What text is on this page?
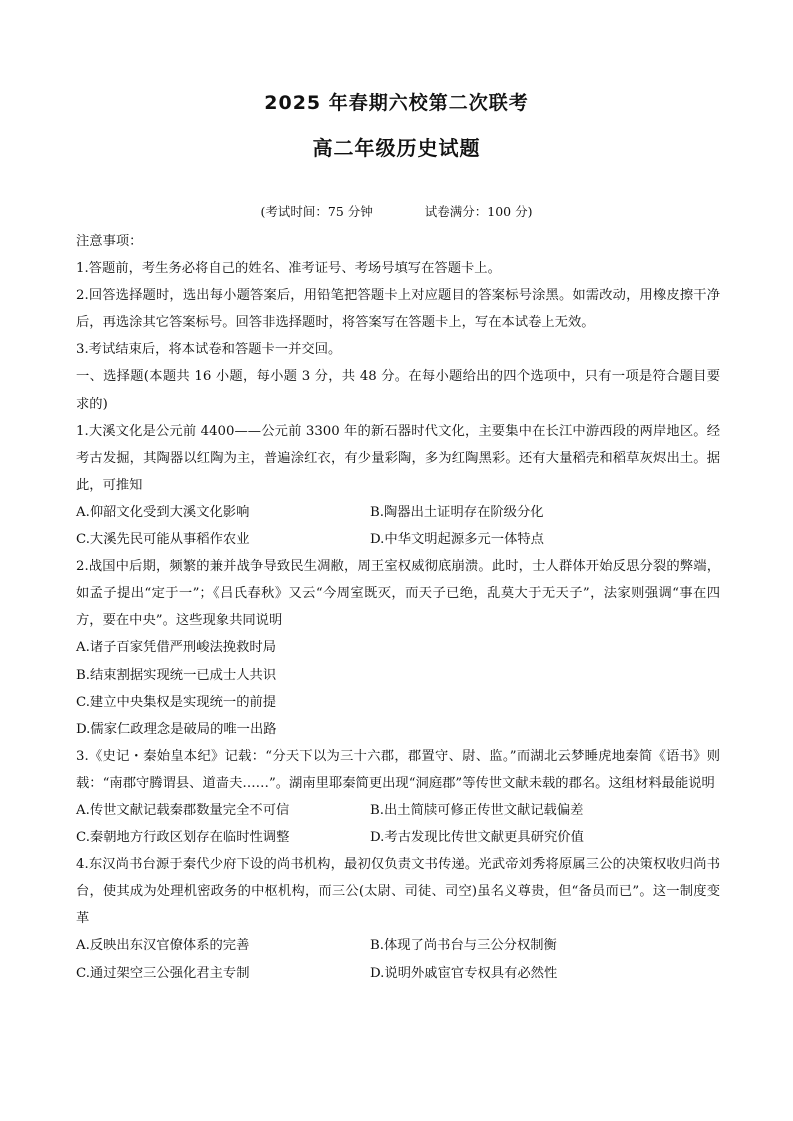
2025 年春期六校第二次联考
高二年级历史试题
(考试时间：75 分钟	试卷满分：100 分)

注意事项：

1.答题前，考生务必将自己的姓名、准考证号、考场号填写在答题卡上。

2.回答选择题时，选出每小题答案后，用铅笔把答题卡上对应题目的答案标号涂黑。如需改动，用橡皮擦干净后，再选涂其它答案标号。回答非选择题时，将答案写在答题卡上，写在本试卷上无效。

3.考试结束后，将本试卷和答题卡一并交回。

一、选择题(本题共 16 小题，每小题 3 分，共 48 分。在每小题给出的四个选项中，只有一项是符合题目要求的)

1.大溪文化是公元前 4400——公元前 3300 年的新石器时代文化，主要集中在长江中游西段的两岸地区。经考古发掘，其陶器以红陶为主，普遍涂红衣，有少量彩陶，多为红陶黑彩。还有大量稻壳和稻草灰烬出土。据此，可推知

A.仰韶文化受到大溪文化影响	B.陶器出土证明存在阶级分化
C.大溪先民可能从事稻作农业	D.中华文明起源多元一体特点

2.战国中后期，频繁的兼并战争导致民生凋敝，周王室权威彻底崩溃。此时，士人群体开始反思分裂的弊端，如孟子提出“定于一”；《吕氏春秋》又云“今周室既灭，而天子已绝，乱莫大于无天子”，法家则强调“事在四方，要在中央”。这些现象共同说明

A.诸子百家凭借严刑峻法挽救时局

B.结束割据实现统一已成士人共识

C.建立中央集权是实现统一的前提

D.儒家仁政理念是破局的唯一出路

3.《史记・秦始皇本纪》记载：“分天下以为三十六郡，郡置守、尉、监。”而湖北云梦睡虎地秦简《语书》则载：“南郡守腾谓县、道啬夫……”。湖南里耶秦简更出现“洞庭郡”等传世文献未载的郡名。这组材料最能说明

A.传世文献记载秦郡数量完全不可信	B.出土简牍可修正传世文献记载偏差
C.秦朝地方行政区划存在临时性调整	D.考古发现比传世文献更具研究价值

4.东汉尚书台源于秦代少府下设的尚书机构，最初仅负责文书传递。光武帝刘秀将原属三公的决策权收归尚书台，使其成为处理机密政务的中枢机构，而三公(太尉、司徒、司空)虽名义尊贵，但“备员而已”。这一制度变革

A.反映出东汉官僚体系的完善	B.体现了尚书台与三公分权制衡
C.通过架空三公强化君主专制	D.说明外戚宦官专权具有必然性
